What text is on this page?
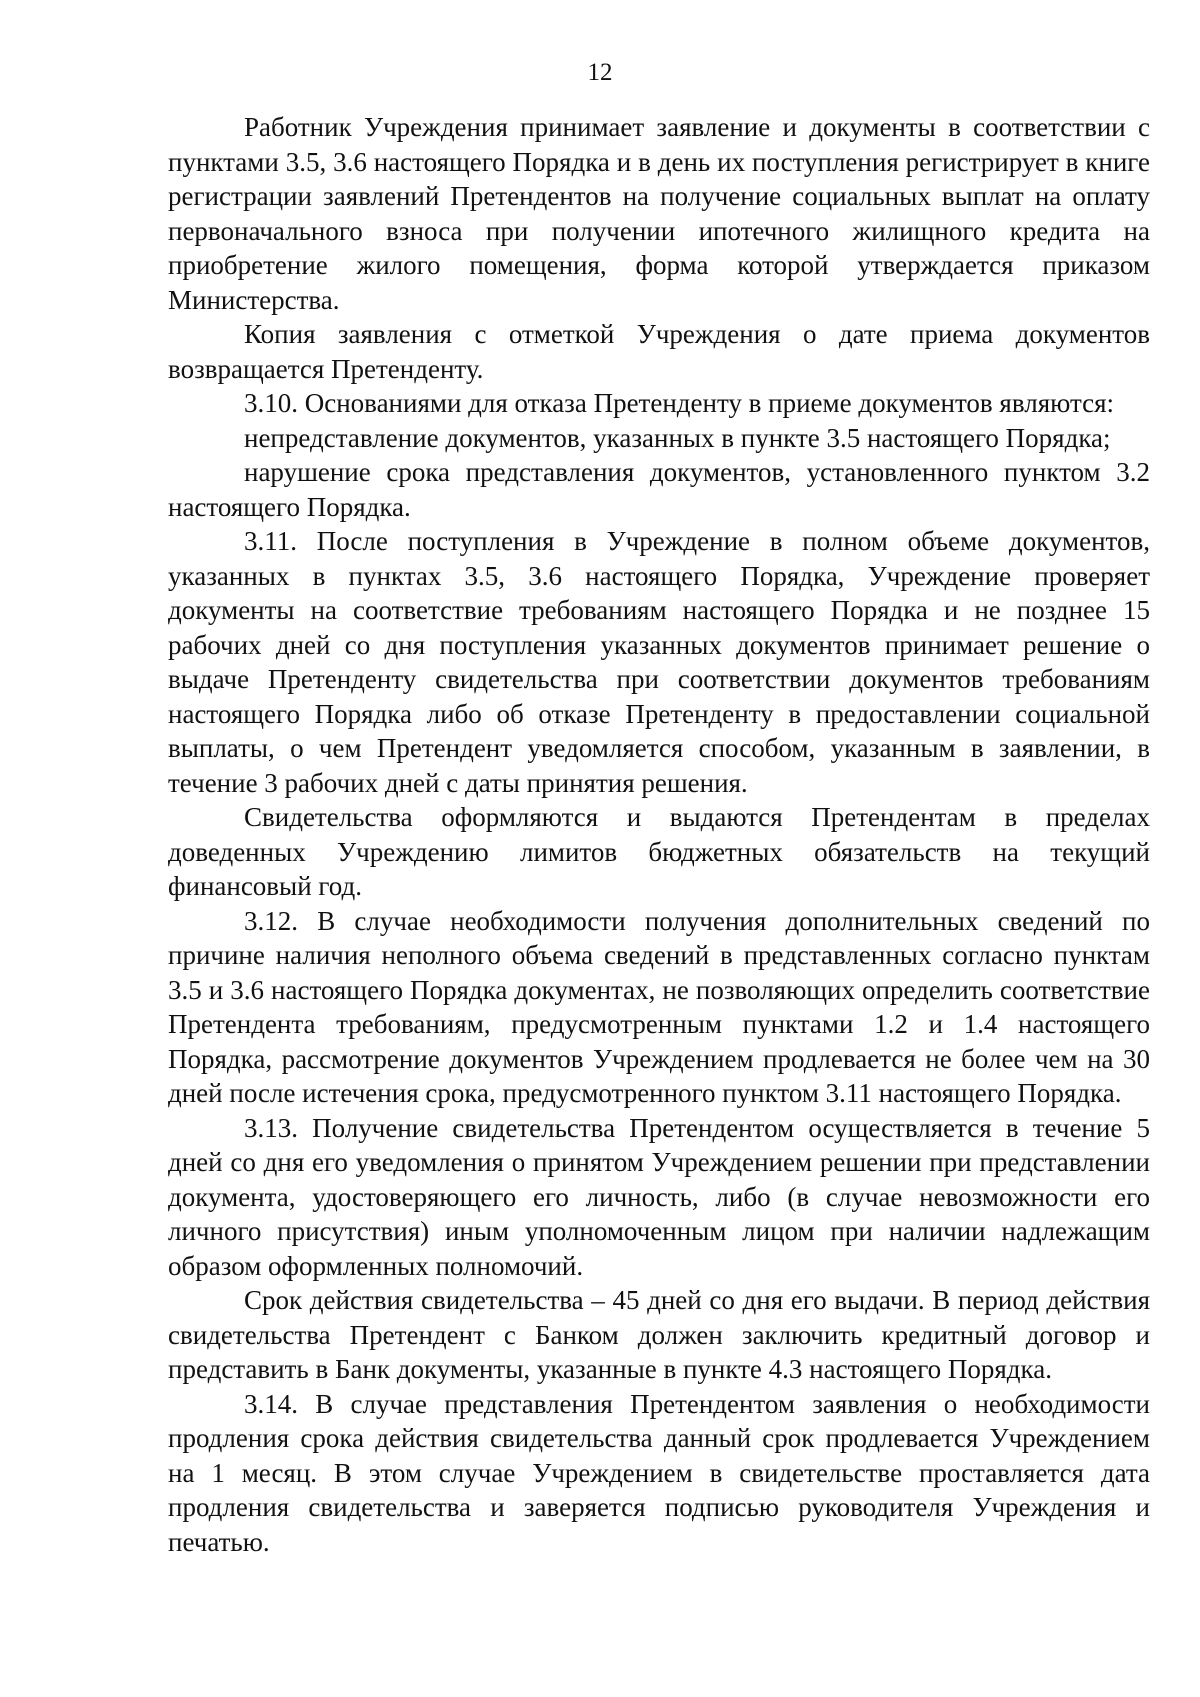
12

Работник Учреждения принимает заявление и документы в соответствии с пунктами 3.5, 3.6 настоящего Порядка и в день их поступления регистрирует в книге регистрации заявлений Претендентов на получение социальных выплат на оплату первоначального взноса при получении ипотечного жилищного кредита на приобретение жилого помещения, форма которой утверждается приказом Министерства.

Копия заявления с отметкой Учреждения о дате приема документов возвращается Претенденту.

3.10. Основаниями для отказа Претенденту в приеме документов являются:

непредставление документов, указанных в пункте 3.5 настоящего Порядка;

нарушение срока представления документов, установленного пунктом 3.2 настоящего Порядка.

3.11. После поступления в Учреждение в полном объеме документов, указанных в пунктах 3.5, 3.6 настоящего Порядка, Учреждение проверяет документы на соответствие требованиям настоящего Порядка и не позднее 15 рабочих дней со дня поступления указанных документов принимает решение о выдаче Претенденту свидетельства при соответствии документов требованиям настоящего Порядка либо об отказе Претенденту в предоставлении социальной выплаты, о чем Претендент уведомляется способом, указанным в заявлении, в течение 3 рабочих дней с даты принятия решения.

Свидетельства оформляются и выдаются Претендентам в пределах доведенных Учреждению лимитов бюджетных обязательств на текущий финансовый год.

3.12. В случае необходимости получения дополнительных сведений по причине наличия неполного объема сведений в представленных согласно пунктам 3.5 и 3.6 настоящего Порядка документах, не позволяющих определить соответствие Претендента требованиям, предусмотренным пунктами 1.2 и 1.4 настоящего Порядка, рассмотрение документов Учреждением продлевается не более чем на 30 дней после истечения срока, предусмотренного пунктом 3.11 настоящего Порядка.

3.13. Получение свидетельства Претендентом осуществляется в течение 5 дней со дня его уведомления о принятом Учреждением решении при представлении документа, удостоверяющего его личность, либо (в случае невозможности его личного присутствия) иным уполномоченным лицом при наличии надлежащим образом оформленных полномочий.

Срок действия свидетельства – 45 дней со дня его выдачи. В период действия свидетельства Претендент с Банком должен заключить кредитный договор и представить в Банк документы, указанные в пункте 4.3 настоящего Порядка.

3.14. В случае представления Претендентом заявления о необходимости продления срока действия свидетельства данный срок продлевается Учреждением на 1 месяц. В этом случае Учреждением в свидетельстве проставляется дата продления свидетельства и заверяется подписью руководителя Учреждения и печатью.
